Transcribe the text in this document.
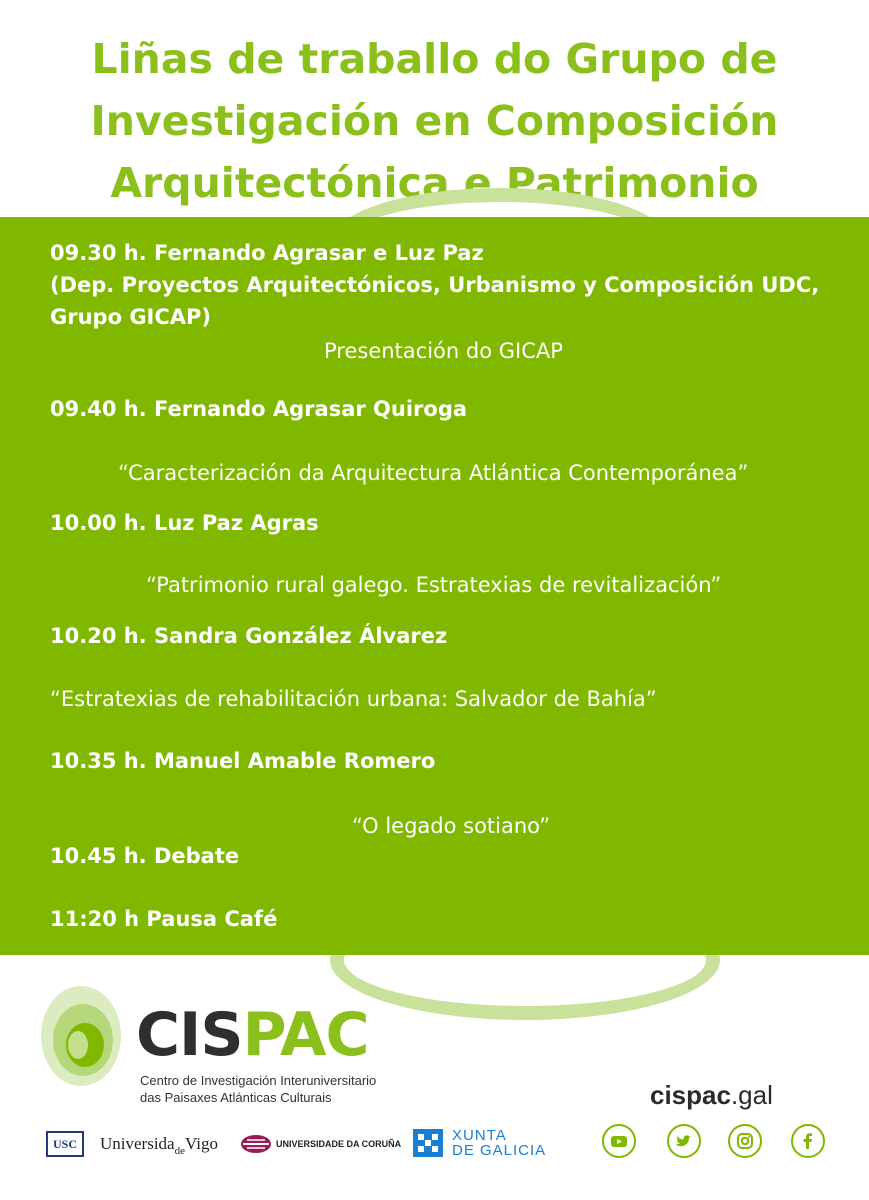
Liñas de traballo do Grupo de
Investigación en Composición
Arquitectónica e Patrimonio
09.30 h. Fernando Agrasar e Luz Paz
(Dep. Proyectos Arquitectónicos, Urbanismo y Composición UDC,
Grupo GICAP)
Presentación do GICAP
09.40 h. Fernando Agrasar Quiroga
“Caracterización da Arquitectura Atlántica Contemporánea”
10.00 h. Luz Paz Agras
“Patrimonio rural galego. Estratexias de revitalización”
10.20 h. Sandra González Álvarez
“Estratexias de rehabilitación urbana: Salvador de Bahía”
10.35 h. Manuel Amable Romero
“O legado sotiano”
10.45 h. Debate
11:20 h Pausa Café
CISPAC
Centro de Investigación Interuniversitario
das Paisaxes Atlánticas Culturais	cispac.gal
USC	Universida$_{de}$Vigo	UNIVERSIDADE DA CORUÑA
	XUNTA
DE GALICIA
